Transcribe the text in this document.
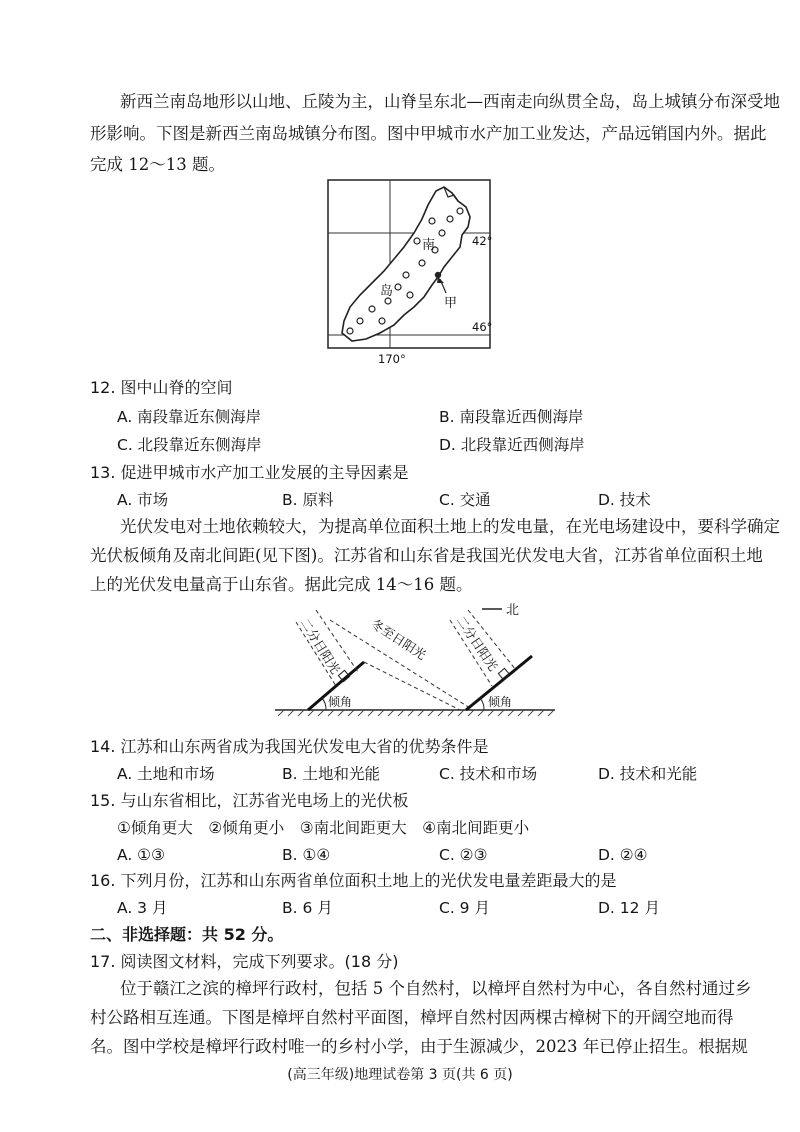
新西兰南岛地形以山地、丘陵为主，山脊呈东北—西南走向纵贯全岛，岛上城镇分布深受地
形影响。下图是新西兰南岛城镇分布图。图中甲城市水产加工业发达，产品远销国内外。据此
完成 12～13 题。
甲
南
岛
42°
46°
170°
12. 图中山脊的空间
A. 南段靠近东侧海岸	B. 南段靠近西侧海岸
C. 北段靠近东侧海岸	D. 北段靠近西侧海岸
13. 促进甲城市水产加工业发展的主导因素是
A. 市场	B. 原料	C. 交通	D. 技术
光伏发电对土地依赖较大，为提高单位面积土地上的发电量，在光电场建设中，要科学确定
光伏板倾角及南北间距(见下图)。江苏省和山东省是我国光伏发电大省，江苏省单位面积土地
上的光伏发电量高于山东省。据此完成 14～16 题。
北
倾角
二分日阳光 冬至日阳光
倾角
二分日阳光
14. 江苏和山东两省成为我国光伏发电大省的优势条件是
A. 土地和市场	B. 土地和光能	C. 技术和市场	D. 技术和光能
15. 与山东省相比，江苏省光电场上的光伏板
①倾角更大　②倾角更小　③南北间距更大　④南北间距更小
A. ①③	B. ①④	C. ②③	D. ②④
16. 下列月份，江苏和山东两省单位面积土地上的光伏发电量差距最大的是
A. 3 月	B. 6 月	C. 9 月	D. 12 月
二、非选择题：共 52 分。
17. 阅读图文材料，完成下列要求。(18 分)
位于赣江之滨的樟坪行政村，包括 5 个自然村，以樟坪自然村为中心，各自然村通过乡
村公路相互连通。下图是樟坪自然村平面图，樟坪自然村因两棵古樟树下的开阔空地而得
名。图中学校是樟坪行政村唯一的乡村小学，由于生源减少，2023 年已停止招生。根据规
(高三年级)地理试卷第 3 页(共 6 页)
